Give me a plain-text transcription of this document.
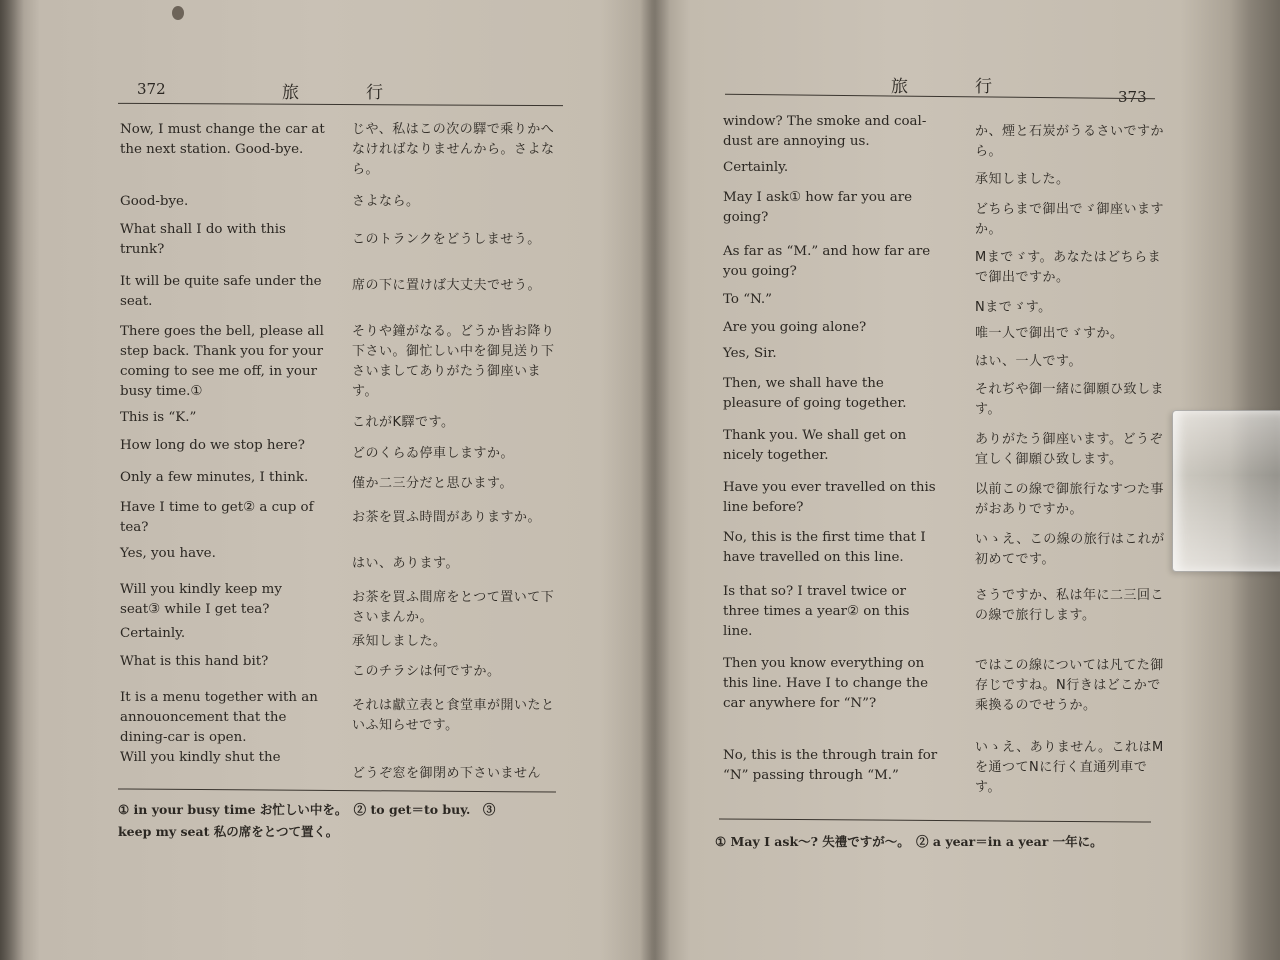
372	旅　　　行
Now, I must change the car at the next station. Good-bye.
じや、私はこの次の驛で乘りかへなければなりませんから。さよなら。
Good-bye.	さよなら。
What shall I do with this trunk?
このトランクをどうしませう。
It will be quite safe under the seat.
席の下に置けば大丈夫でせう。
There goes the bell, please all step back. Thank you for your coming to see me off, in your busy time.①
そりや鐘がなる。どうか皆お降り下さい。御忙しい中を御見送り下さいましてありがたう御座います。
This is “K.”	これがK驛です。
How long do we stop here?
どのくらゐ停車しますか。
Only a few minutes, I think.	僅か二三分だと思ひます。
Have I time to get② a cup of tea?
お茶を買ふ時間がありますか。
Yes, you have.
はい、あります。
Will you kindly keep my seat③ while I get tea?
お茶を買ふ間席をとつて置いて下さいまんか。
Certainly.
承知しました。
What is this hand bit?
このチラシは何ですか。
It is a menu together with an annouoncement that the dining-car is open.
それは獻立表と食堂車が開いたといふ知らせです。
Will you kindly shut the
どうぞ窓を御閉め下さいません
① in your busy time お忙しい中を。　② to get＝to buy.　③
keep my seat 私の席をとつて置く。
旅　　　行	373
window? The smoke and coal-dust are annoying us.
か、煙と石炭がうるさいですから。
Certainly.
承知しました。
May I ask① how far you are going?
どちらまで御出でゞ御座いますか。
As far as “M.” and how far are you going?
Mまでゞす。あなたはどちらまで御出ですか。
To “N.”
Nまでゞす。
Are you going alone?	唯一人で御出でゞすか。
Yes, Sir.
はい、一人です。
Then, we shall have the pleasure of going together.
それぢや御一緒に御願ひ致します。
Thank you. We shall get on nicely together.
ありがたう御座います。どうぞ宜しく御願ひ致します。
Have you ever travelled on this line before?
以前この線で御旅行なすつた事がおありですか。
No, this is the first time that I have travelled on this line.
いゝえ、この線の旅行はこれが初めてです。
Is that so? I travel twice or three times a year② on this line.
さうですか、私は年に二三回この線で旅行します。
Then you know everything on this line. Have I to change the car anywhere for “N”?
ではこの線については凡てた御存じですね。N行きはどこかで乘換るのでせうか。
No, this is the through train for “N” passing through “M.”
いゝえ、ありません。これはMを通つてNに行く直通列車です。
① May I ask～? 失禮ですが～。　② a year＝in a year 一年に。
